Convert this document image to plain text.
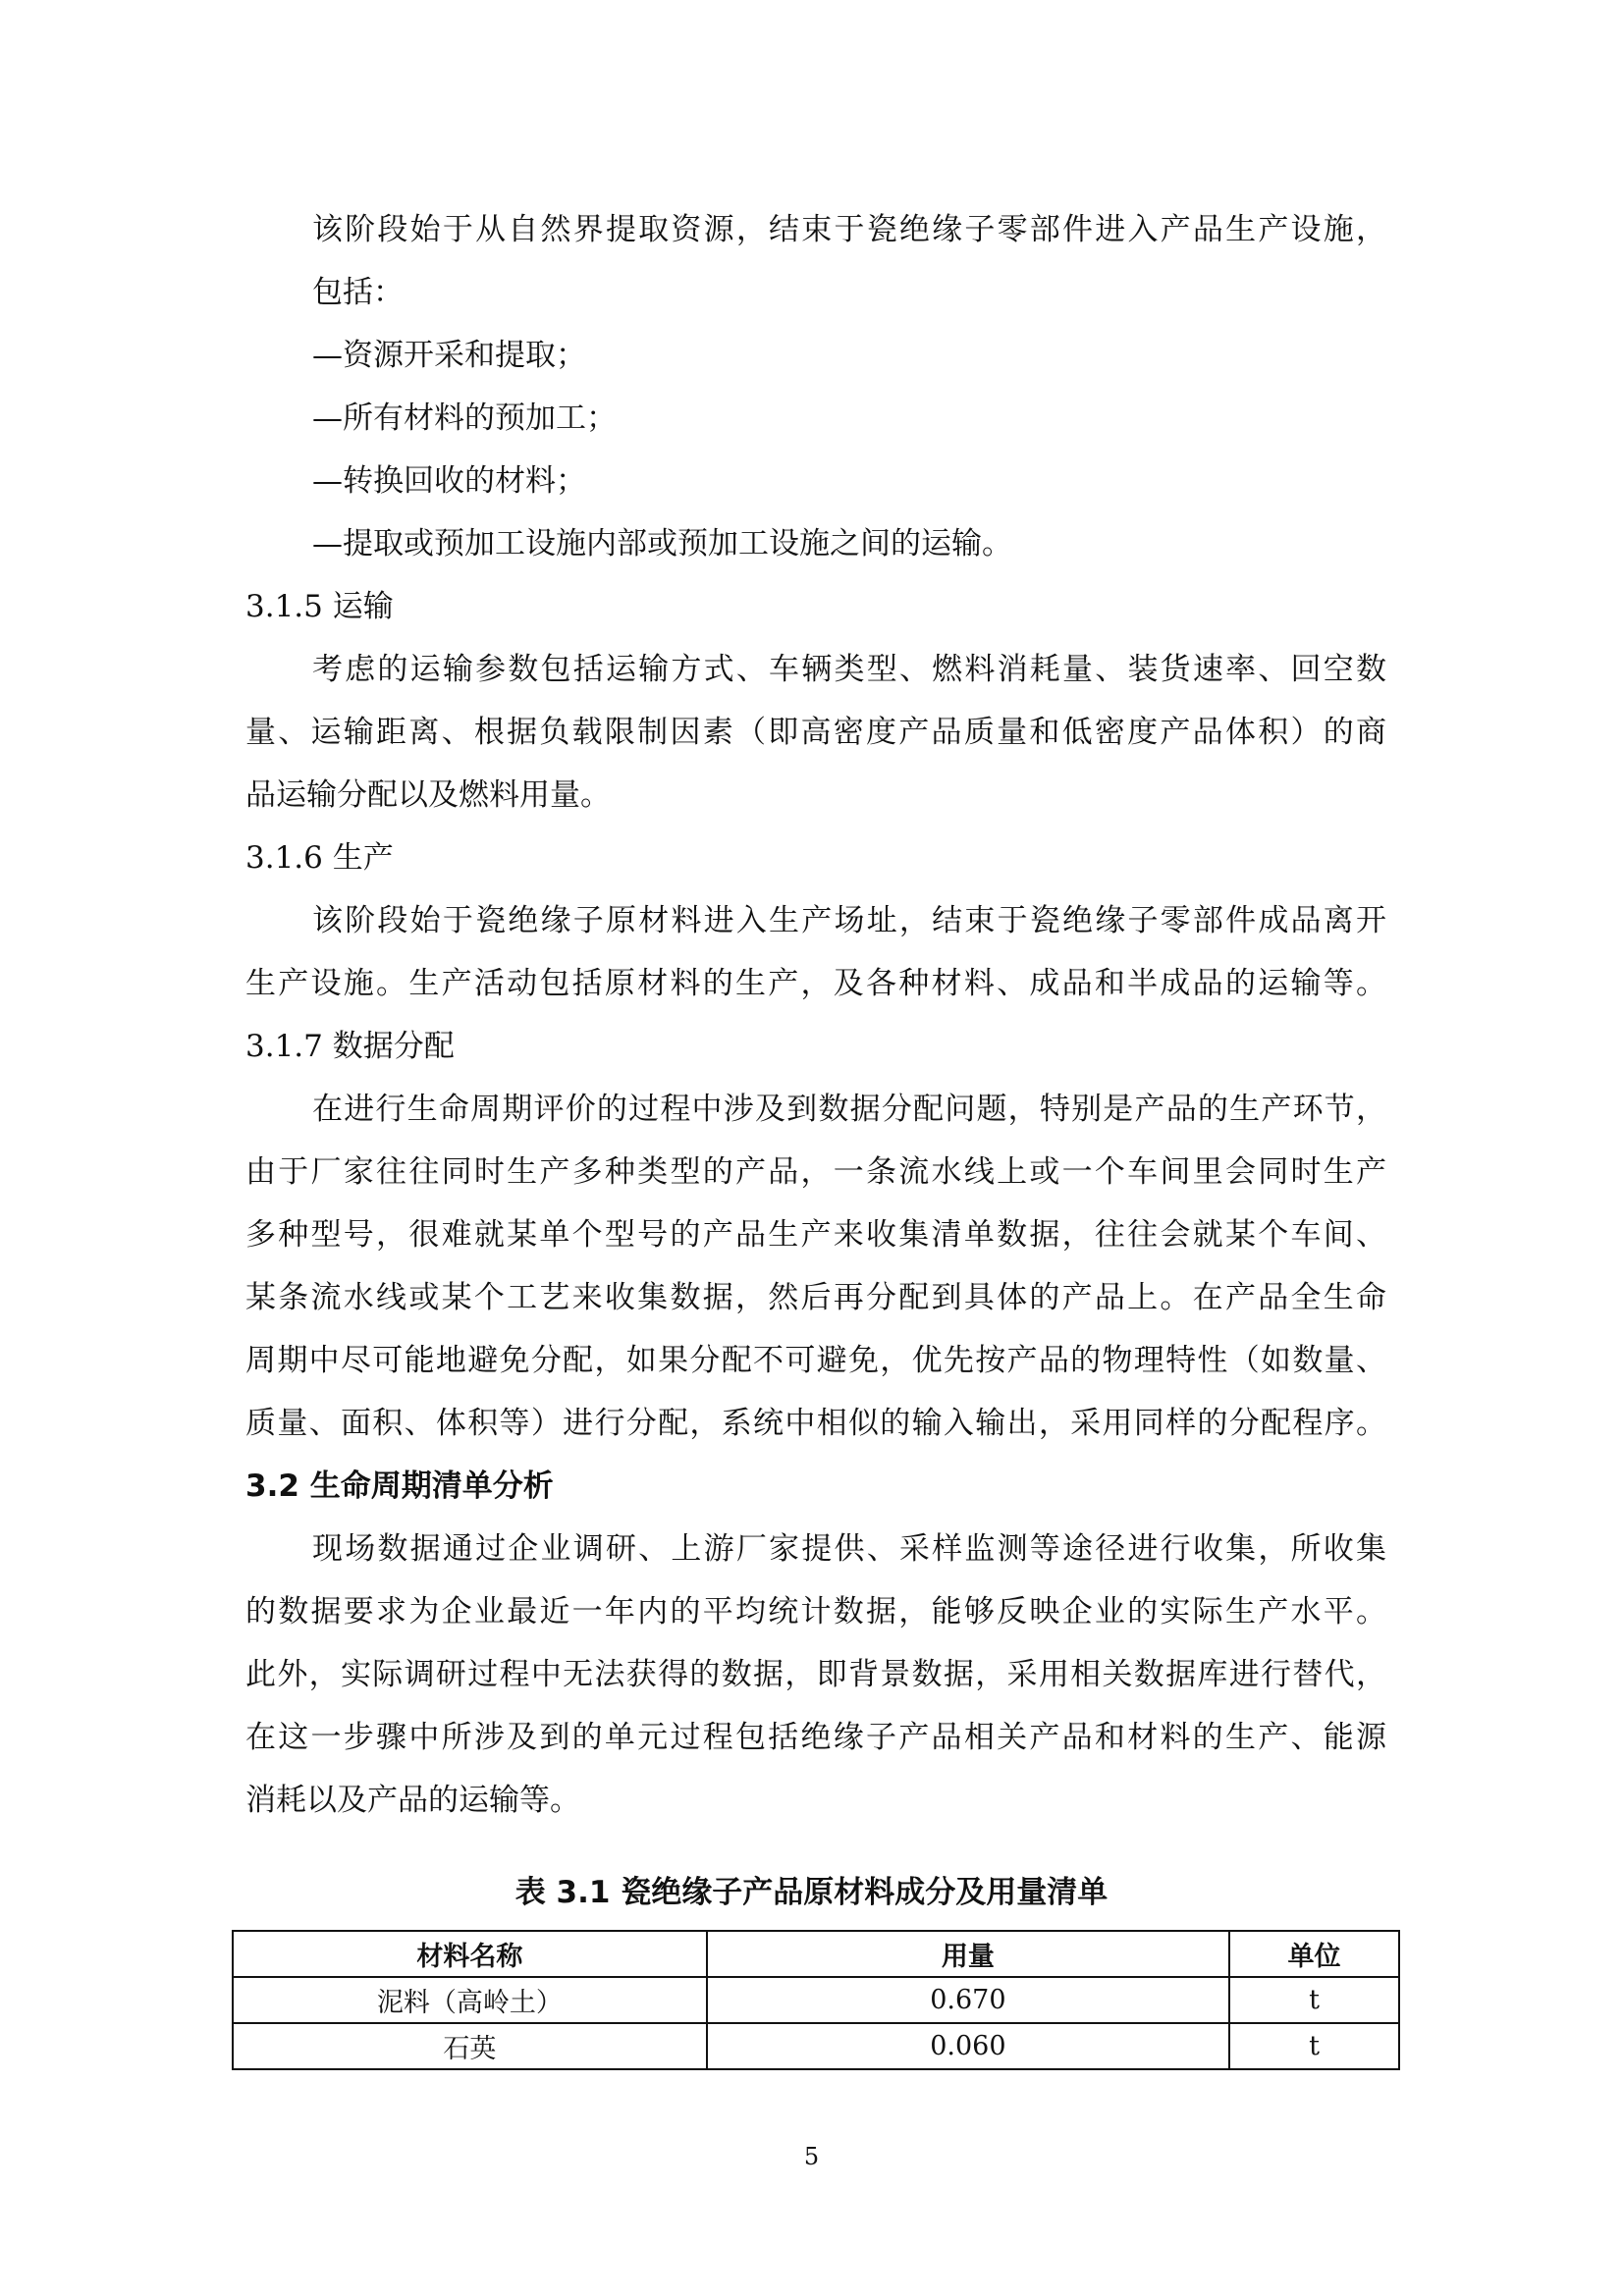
该阶段始于从自然界提取资源，结束于瓷绝缘子零部件进入产品生产设施，
包括：
—资源开采和提取；
—所有材料的预加工；
—转换回收的材料；
—提取或预加工设施内部或预加工设施之间的运输。
3.1.5 运输
考虑的运输参数包括运输方式、车辆类型、燃料消耗量、装货速率、回空数
量、运输距离、根据负载限制因素（即高密度产品质量和低密度产品体积）的商
品运输分配以及燃料用量。
3.1.6 生产
该阶段始于瓷绝缘子原材料进入生产场址，结束于瓷绝缘子零部件成品离开
生产设施。生产活动包括原材料的生产，及各种材料、成品和半成品的运输等。
3.1.7 数据分配
在进行生命周期评价的过程中涉及到数据分配问题，特别是产品的生产环节，
由于厂家往往同时生产多种类型的产品，一条流水线上或一个车间里会同时生产
多种型号，很难就某单个型号的产品生产来收集清单数据，往往会就某个车间、
某条流水线或某个工艺来收集数据，然后再分配到具体的产品上。在产品全生命
周期中尽可能地避免分配，如果分配不可避免，优先按产品的物理特性（如数量、
质量、面积、体积等）进行分配，系统中相似的输入输出，采用同样的分配程序。
3.2 生命周期清单分析
现场数据通过企业调研、上游厂家提供、采样监测等途径进行收集，所收集
的数据要求为企业最近一年内的平均统计数据，能够反映企业的实际生产水平。
此外，实际调研过程中无法获得的数据，即背景数据，采用相关数据库进行替代，
在这一步骤中所涉及到的单元过程包括绝缘子产品相关产品和材料的生产、能源
消耗以及产品的运输等。
表 3.1 瓷绝缘子产品原材料成分及用量清单
材料名称	用量	单位
泥料（高岭土）	0.670	t
石英	0.060	t
5
